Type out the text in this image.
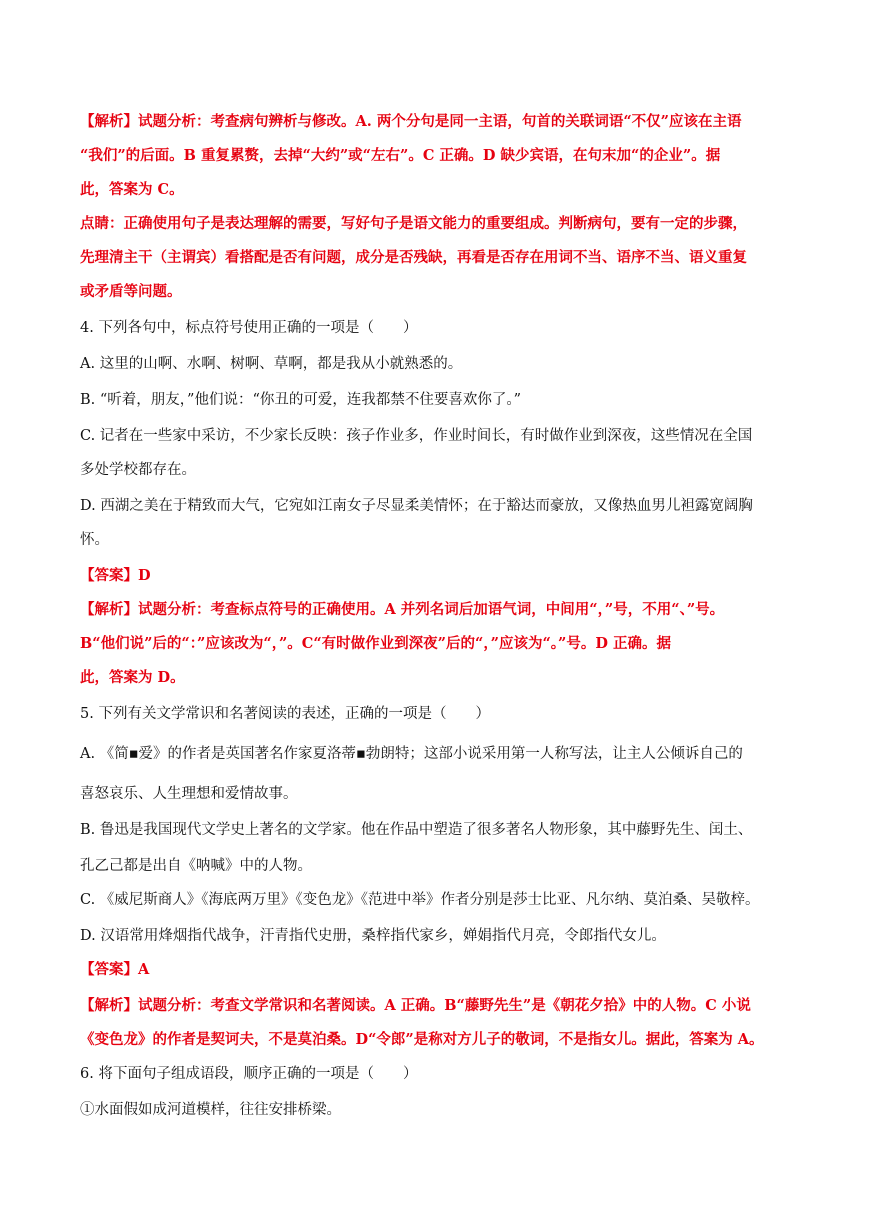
【解析】试题分析：考查病句辨析与修改。A. 两个分句是同一主语，句首的关联词语“不仅”应该在主语
“我们”的后面。B 重复累赘，去掉“大约”或“左右”。C 正确。D 缺少宾语，在句末加“的企业”。据
此，答案为 C。
点睛：正确使用句子是表达理解的需要，写好句子是语文能力的重要组成。判断病句，要有一定的步骤，
先理清主干（主谓宾）看搭配是否有问题，成分是否残缺，再看是否存在用词不当、语序不当、语义重复
或矛盾等问题。
4. 下列各句中，标点符号使用正确的一项是（　　）
A. 这里的山啊、水啊、树啊、草啊，都是我从小就熟悉的。
B. “听着，朋友，”他们说：“你丑的可爱，连我都禁不住要喜欢你了。”
C. 记者在一些家中采访，不少家长反映：孩子作业多，作业时间长，有时做作业到深夜，这些情况在全国
多处学校都存在。
D. 西湖之美在于精致而大气，它宛如江南女子尽显柔美情怀；在于豁达而豪放，又像热血男儿袒露宽阔胸
怀。
【答案】D
【解析】试题分析：考查标点符号的正确使用。A 并列名词后加语气词，中间用“，”号，不用“、”号。
B“他们说”后的“：”应该改为“，”。C“有时做作业到深夜”后的“，”应该为“。”号。D 正确。据
此，答案为 D。
5. 下列有关文学常识和名著阅读的表述，正确的一项是（　　）
A. 《简▪爱》的作者是英国著名作家夏洛蒂▪勃朗特；这部小说采用第一人称写法，让主人公倾诉自己的
喜怒哀乐、人生理想和爱情故事。
B. 鲁迅是我国现代文学史上著名的文学家。他在作品中塑造了很多著名人物形象，其中藤野先生、闰土、
孔乙己都是出自《呐喊》中的人物。
C. 《威尼斯商人》《海底两万里》《变色龙》《范进中举》作者分别是莎士比亚、凡尔纳、莫泊桑、吴敬梓。
D. 汉语常用烽烟指代战争，汗青指代史册，桑梓指代家乡，婵娟指代月亮，令郎指代女儿。
【答案】A
【解析】试题分析：考查文学常识和名著阅读。A 正确。B“藤野先生”是《朝花夕拾》中的人物。C 小说
《变色龙》的作者是契诃夫，不是莫泊桑。D“令郎”是称对方儿子的敬词，不是指女儿。据此，答案为 A。
6. 将下面句子组成语段，顺序正确的一项是（　　）
①水面假如成河道模样，往往安排桥梁。
